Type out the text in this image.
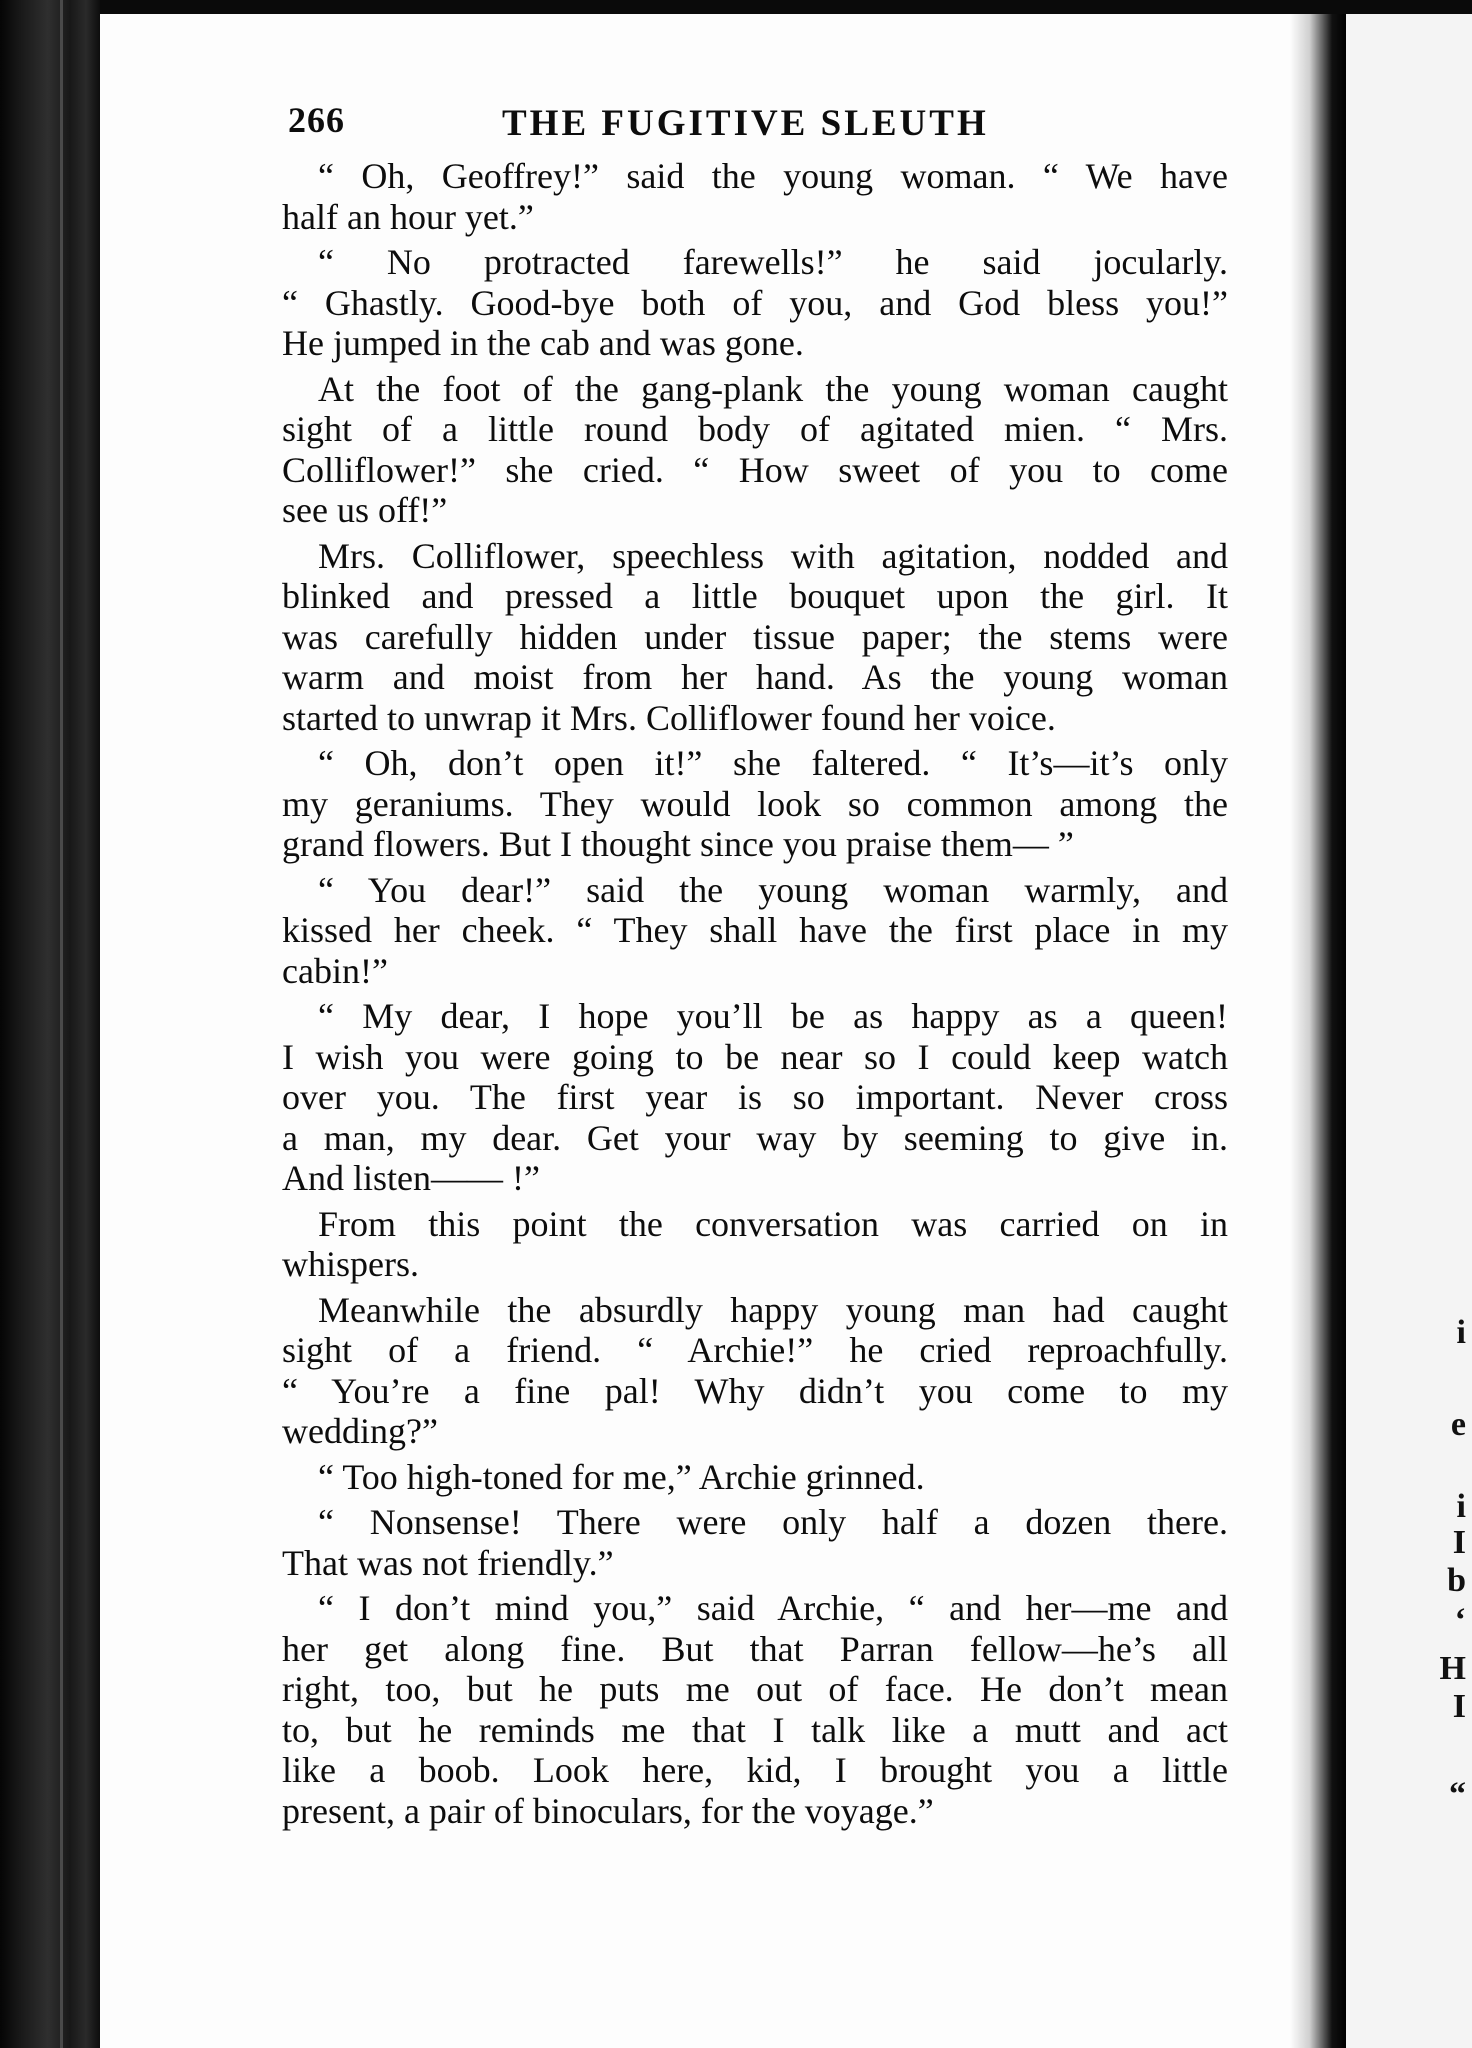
i
e
i
I
b
‘
H
I
“
266	THE FUGITIVE SLEUTH
“ Oh, Geoffrey!” said the young woman. “ We have
half an hour yet.”
“ No protracted farewells!” he said jocularly.
“ Ghastly. Good-bye both of you, and God bless you!”
He jumped in the cab and was gone.
At the foot of the gang-plank the young woman caught
sight of a little round body of agitated mien. “ Mrs.
Colliflower!” she cried. “ How sweet of you to come
see us off!”
Mrs. Colliflower, speechless with agitation, nodded and
blinked and pressed a little bouquet upon the girl. It
was carefully hidden under tissue paper; the stems were
warm and moist from her hand. As the young woman
started to unwrap it Mrs. Colliflower found her voice.
“ Oh, don’t open it!” she faltered. “ It’s—it’s only
my geraniums. They would look so common among the
grand flowers. But I thought since you praise them— ”
“ You dear!” said the young woman warmly, and
kissed her cheek. “ They shall have the first place in my
cabin!”
“ My dear, I hope you’ll be as happy as a queen!
I wish you were going to be near so I could keep watch
over you. The first year is so important. Never cross
a man, my dear. Get your way by seeming to give in.
And listen—— !”
From this point the conversation was carried on in
whispers.
Meanwhile the absurdly happy young man had caught
sight of a friend. “ Archie!” he cried reproachfully.
“ You’re a fine pal! Why didn’t you come to my
wedding?”
“ Too high-toned for me,” Archie grinned.
“ Nonsense! There were only half a dozen there.
That was not friendly.”
“ I don’t mind you,” said Archie, “ and her—me and
her get along fine. But that Parran fellow—he’s all
right, too, but he puts me out of face. He don’t mean
to, but he reminds me that I talk like a mutt and act
like a boob. Look here, kid, I brought you a little
present, a pair of binoculars, for the voyage.”
